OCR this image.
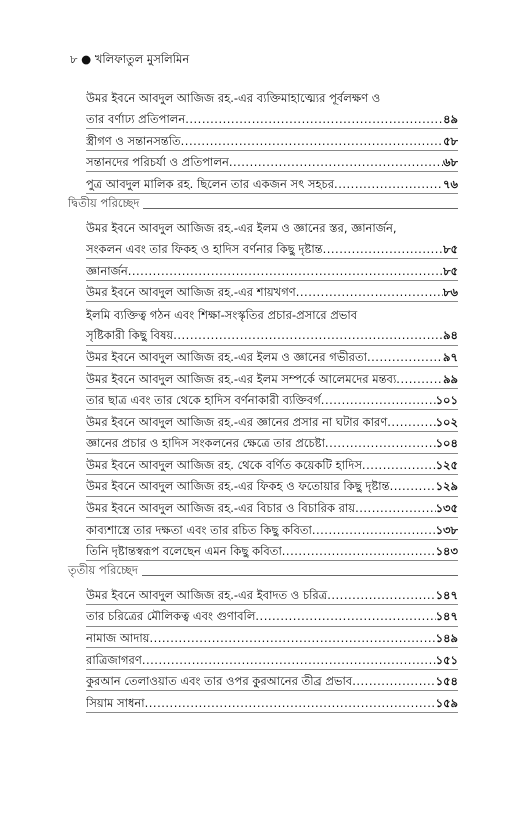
৮ ● খলিফাতুল মুসলিমিন
উমর ইবনে আবদুল আজিজ রহ.-এর ব্যক্তিমাহাত্ম্যের পূর্বলক্ষণ ও
তার বর্ণাঢ্য প্রতিপালন .....	৪৯
স্ত্রীগণ ও সন্তানসন্ততি .....	৫৮
সন্তানদের পরিচর্যা ও প্রতিপালন .....	৬৮
পুত্র আবদুল মালিক রহ. ছিলেন তার একজন সৎ সহচর .....	৭৬
দ্বিতীয় পরিচ্ছেদ
উমর ইবনে আবদুল আজিজ রহ.-এর ইলম ও জ্ঞানের স্তর, জ্ঞানার্জন,
সংকলন এবং তার ফিকহ ও হাদিস বর্ণনার কিছু দৃষ্টান্ত .....	৮৫
জ্ঞানার্জন .....	৮৫
উমর ইবনে আবদুল আজিজ রহ.-এর শায়খগণ .....	৮৬
ইলমি ব্যক্তিত্ব গঠন এবং শিক্ষা-সংস্কৃতির প্রচার-প্রসারে প্রভাব
সৃষ্টিকারী কিছু বিষয় .....	৯৪
উমর ইবনে আবদুল আজিজ রহ.-এর ইলম ও জ্ঞানের গভীরতা .....	৯৭
উমর ইবনে আবদুল আজিজ রহ.-এর ইলম সম্পর্কে আলেমদের মন্তব্য .....	৯৯
তার ছাত্র এবং তার থেকে হাদিস বর্ণনাকারী ব্যক্তিবর্গ .....	১০১
উমর ইবনে আবদুল আজিজ রহ.-এর জ্ঞানের প্রসার না ঘটার কারণ .....	১০২
জ্ঞানের প্রচার ও হাদিস সংকলনের ক্ষেত্রে তার প্রচেষ্টা .....	১০৪
উমর ইবনে আবদুল আজিজ রহ. থেকে বর্ণিত কয়েকটি হাদিস .....	১২৫
উমর ইবনে আবদুল আজিজ রহ.-এর ফিকহ ও ফতোয়ার কিছু দৃষ্টান্ত .....	১২৯
উমর ইবনে আবদুল আজিজ রহ.-এর বিচার ও বিচারিক রায় .....	১৩৫
কাব্যশাস্ত্রে তার দক্ষতা এবং তার রচিত কিছু কবিতা .....	১৩৮
তিনি দৃষ্টান্তস্বরূপ বলেছেন এমন কিছু কবিতা .....	১৪৩
তৃতীয় পরিচ্ছেদ
উমর ইবনে আবদুল আজিজ রহ.-এর ইবাদত ও চরিত্র .....	১৪৭
তার চরিত্রের মৌলিকত্ব এবং গুণাবলি .....	১৪৭
নামাজ আদায় .....	১৪৯
রাত্রিজাগরণ .....	১৫১
কুরআন তেলাওয়াত এবং তার ওপর কুরআনের তীব্র প্রভাব .....	১৫৪
সিয়াম সাধনা .....	১৫৯
